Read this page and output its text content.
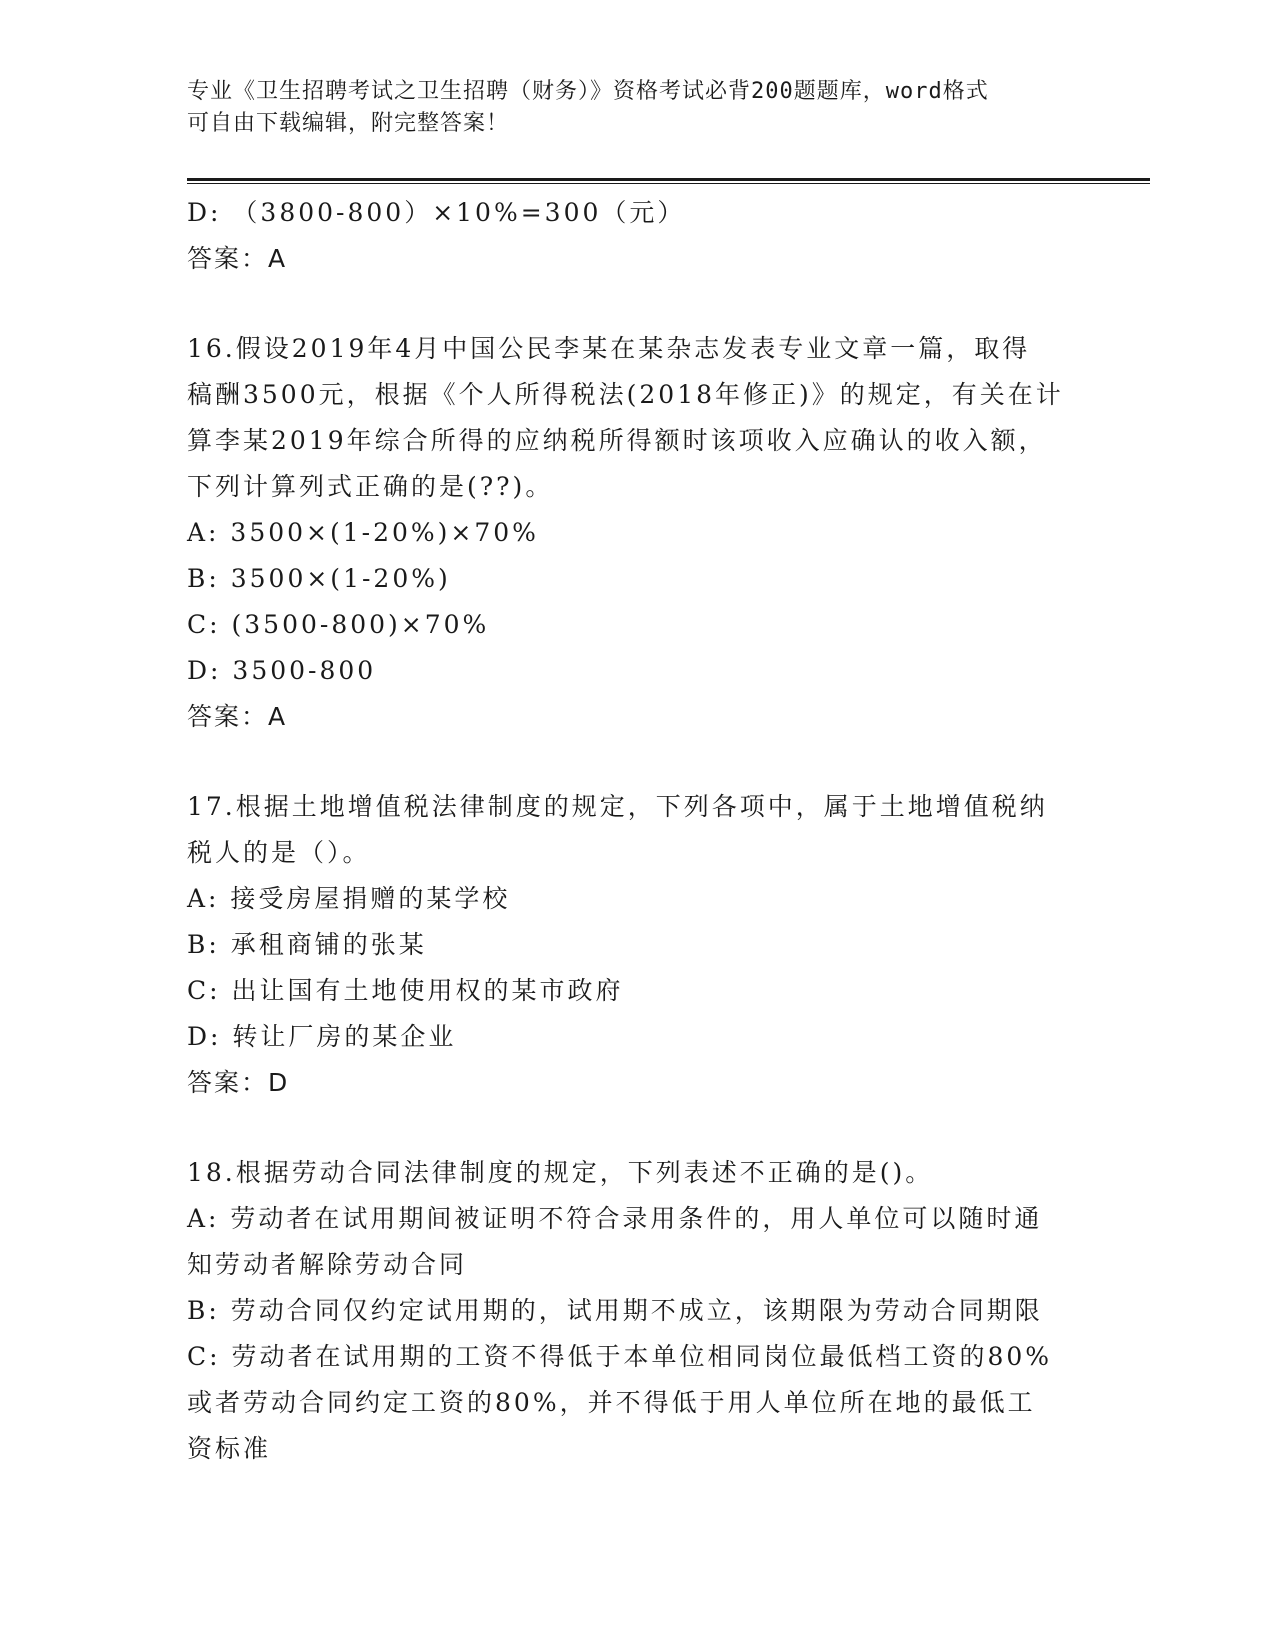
专业《卫生招聘考试之卫生招聘（财务）》资格考试必背200题题库，word格式
可自由下载编辑，附完整答案！
D: （3800-800）×10%=300（元）
答案：A
16.假设2019年4月中国公民李某在某杂志发表专业文章一篇，取得
稿酬3500元，根据《个人所得税法(2018年修正)》的规定，有关在计
算李某2019年综合所得的应纳税所得额时该项收入应确认的收入额，
下列计算列式正确的是(??)。
A: 3500×(1-20%)×70%
B: 3500×(1-20%)
C: (3500-800)×70%
D: 3500-800
答案：A
17.根据土地增值税法律制度的规定，下列各项中，属于土地增值税纳
税人的是（）。
A: 接受房屋捐赠的某学校
B: 承租商铺的张某
C: 出让国有土地使用权的某市政府
D: 转让厂房的某企业
答案：D
18.根据劳动合同法律制度的规定，下列表述不正确的是()。
A: 劳动者在试用期间被证明不符合录用条件的，用人单位可以随时通
知劳动者解除劳动合同
B: 劳动合同仅约定试用期的，试用期不成立，该期限为劳动合同期限
C: 劳动者在试用期的工资不得低于本单位相同岗位最低档工资的80%
或者劳动合同约定工资的80%，并不得低于用人单位所在地的最低工
资标准
